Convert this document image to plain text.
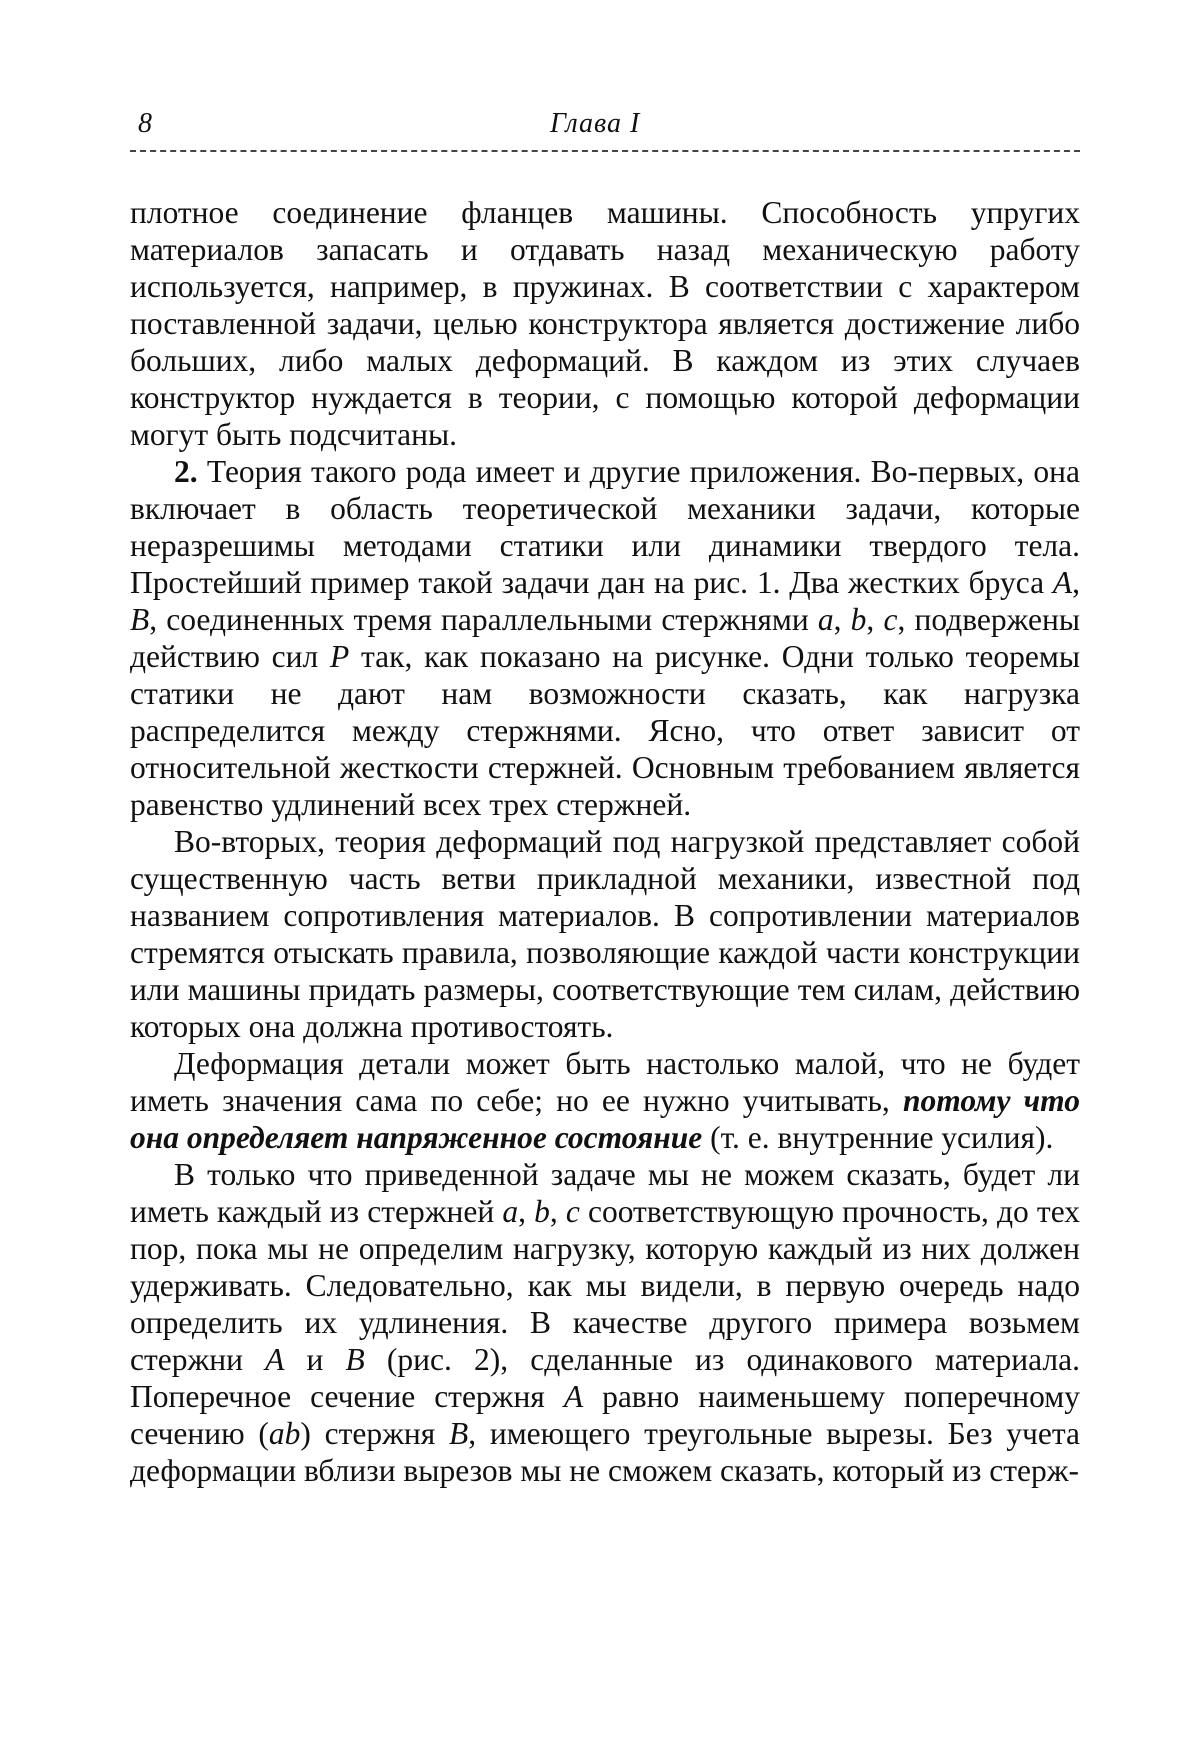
8	Глава I

плотное соединение фланцев машины. Способность упругих материалов запасать и отдавать назад механическую работу используется, например, в пружинах. В соответствии с характером поставленной задачи, целью конструктора является достижение либо больших, либо малых деформаций. В каждом из этих случаев конструктор нуждается в теории, с помощью которой деформации могут быть подсчитаны.

2. Теория такого рода имеет и другие приложения. Во-первых, она включает в область теоретической механики задачи, которые неразрешимы методами статики или динамики твердого тела. Простейший пример такой задачи дан на рис. 1. Два жестких бруса A, B, соединенных тремя параллельными стержнями a, b, c, подвержены действию сил P так, как показано на рисунке. Одни только теоремы статики не дают нам возможности сказать, как нагрузка распределится между стержнями. Ясно, что ответ зависит от относительной жесткости стержней. Основным требованием является равенство удлинений всех трех стержней.

Во-вторых, теория деформаций под нагрузкой представляет собой существенную часть ветви прикладной механики, известной под названием сопротивления материалов. В сопротивлении материалов стремятся отыскать правила, позволяющие каждой части конструкции или машины придать размеры, соответствующие тем силам, действию которых она должна противостоять.

Деформация детали может быть настолько малой, что не будет иметь значения сама по себе; но ее нужно учитывать, потому что она определяет напряженное состояние (т. е. внутренние усилия).

В только что приведенной задаче мы не можем сказать, будет ли иметь каждый из стержней a, b, c соответствующую прочность, до тех пор, пока мы не определим нагрузку, которую каждый из них должен удерживать. Следовательно, как мы видели, в первую очередь надо определить их удлинения. В качестве другого примера возьмем стержни A и B (рис. 2), сделанные из одинакового материала. Поперечное сечение стержня A равно наименьшему поперечному сечению (ab) стержня B, имеющего треугольные вырезы. Без учета деформации вблизи вырезов мы не сможем сказать, который из стерж-
